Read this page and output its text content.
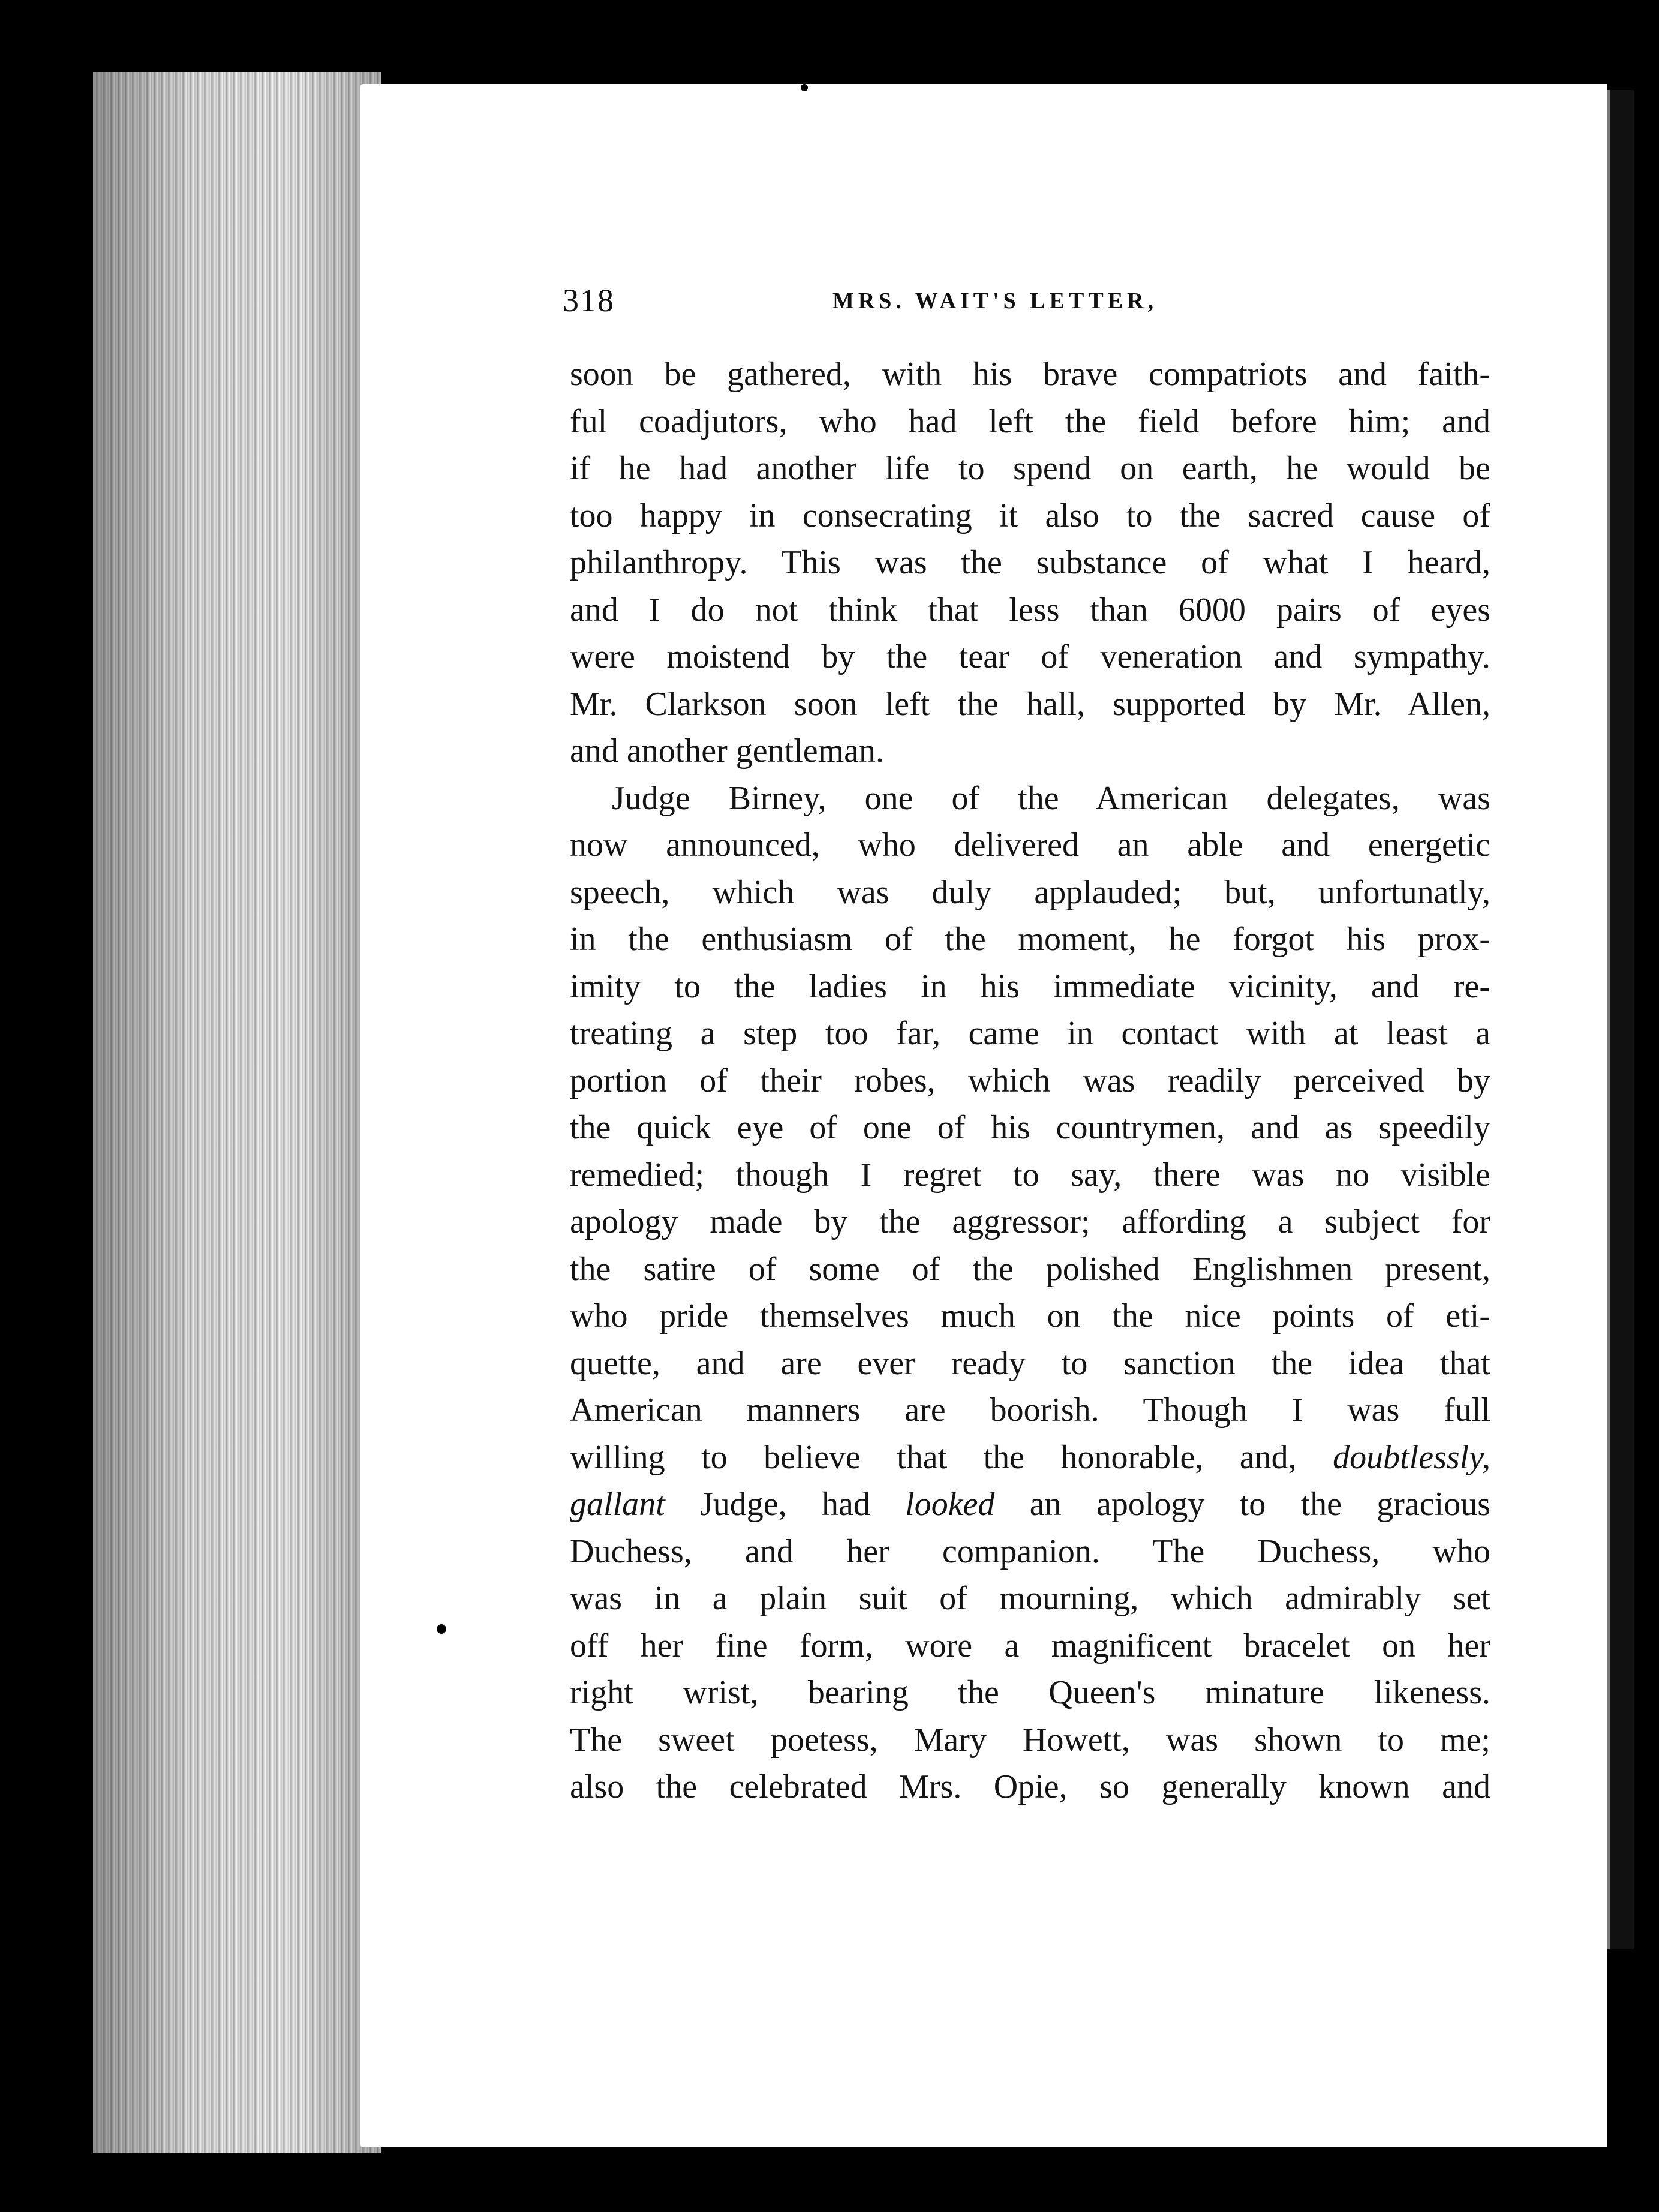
318	MRS. WAIT'S LETTER,
soon be gathered, with his brave compatriots and faith-
ful coadjutors, who had left the field before him; and
if he had another life to spend on earth, he would be
too happy in consecrating it also to the sacred cause of
philanthropy. This was the substance of what I heard,
and I do not think that less than 6000 pairs of eyes
were moistend by the tear of veneration and sympathy.
Mr. Clarkson soon left the hall, supported by Mr. Allen,
and another gentleman.
Judge Birney, one of the American delegates, was
now announced, who delivered an able and energetic
speech, which was duly applauded; but, unfortunatly,
in the enthusiasm of the moment, he forgot his prox-
imity to the ladies in his immediate vicinity, and re-
treating a step too far, came in contact with at least a
portion of their robes, which was readily perceived by
the quick eye of one of his countrymen, and as speedily
remedied; though I regret to say, there was no visible
apology made by the aggressor; affording a subject for
the satire of some of the polished Englishmen present,
who pride themselves much on the nice points of eti-
quette, and are ever ready to sanction the idea that
American manners are boorish. Though I was full
willing to believe that the honorable, and, doubtlessly,
gallant Judge, had looked an apology to the gracious
Duchess, and her companion. The Duchess, who
was in a plain suit of mourning, which admirably set
off her fine form, wore a magnificent bracelet on her
right wrist, bearing the Queen's minature likeness.
The sweet poetess, Mary Howett, was shown to me;
also the celebrated Mrs. Opie, so generally known and
